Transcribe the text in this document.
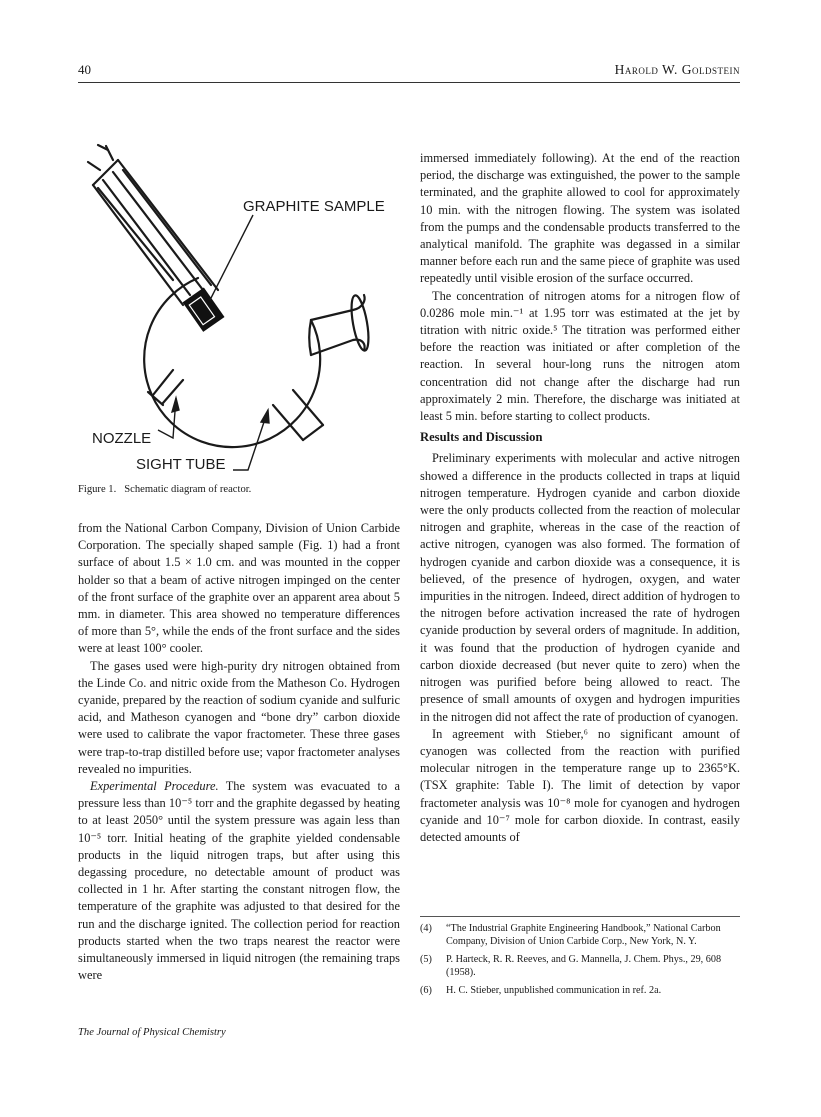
40	Harold W. Goldstein
GRAPHITE SAMPLE
NOZZLE
SIGHT TUBE
Figure 1. Schematic diagram of reactor.

from the National Carbon Company, Division of Union Carbide Corporation. The specially shaped sample (Fig. 1) had a front surface of about 1.5 × 1.0 cm. and was mounted in the copper holder so that a beam of active nitrogen impinged on the center of the front surface of the graphite over an apparent area about 5 mm. in diameter. This area showed no temperature differences of more than 5°, while the ends of the front surface and the sides were at least 100° cooler.

The gases used were high-purity dry nitrogen obtained from the Linde Co. and nitric oxide from the Matheson Co. Hydrogen cyanide, prepared by the reaction of sodium cyanide and sulfuric acid, and Matheson cyanogen and “bone dry” carbon dioxide were used to calibrate the vapor fractometer. These three gases were trap-to-trap distilled before use; vapor fractometer analyses revealed no impurities.

Experimental Procedure. The system was evacuated to a pressure less than 10⁻⁵ torr and the graphite degassed by heating to at least 2050° until the system pressure was again less than 10⁻⁵ torr. Initial heating of the graphite yielded condensable products in the liquid nitrogen traps, but after using this degassing procedure, no detectable amount of product was collected in 1 hr. After starting the constant nitrogen flow, the temperature of the graphite was adjusted to that desired for the run and the discharge ignited. The collection period for reaction products started when the two traps nearest the reactor were simultaneously immersed in liquid nitrogen (the remaining traps were

immersed immediately following). At the end of the reaction period, the discharge was extinguished, the power to the sample terminated, and the graphite allowed to cool for approximately 10 min. with the nitrogen flowing. The system was isolated from the pumps and the condensable products transferred to the analytical manifold. The graphite was degassed in a similar manner before each run and the same piece of graphite was used repeatedly until visible erosion of the surface occurred.

The concentration of nitrogen atoms for a nitrogen flow of 0.0286 mole min.⁻¹ at 1.95 torr was estimated at the jet by titration with nitric oxide.⁵ The titration was performed either before the reaction was initiated or after completion of the reaction. In several hour-long runs the nitrogen atom concentration did not change after the discharge had run approximately 2 min. Therefore, the discharge was initiated at least 5 min. before starting to collect products.

Results and Discussion

Preliminary experiments with molecular and active nitrogen showed a difference in the products collected in traps at liquid nitrogen temperature. Hydrogen cyanide and carbon dioxide were the only products collected from the reaction of molecular nitrogen and graphite, whereas in the case of the reaction of active nitrogen, cyanogen was also formed. The formation of hydrogen cyanide and carbon dioxide was a consequence, it is believed, of the presence of hydrogen, oxygen, and water impurities in the nitrogen. Indeed, direct addition of hydrogen to the nitrogen before activation increased the rate of hydrogen cyanide production by several orders of magnitude. In addition, it was found that the production of hydrogen cyanide and carbon dioxide decreased (but never quite to zero) when the nitrogen was purified before being allowed to react. The presence of small amounts of oxygen and hydrogen impurities in the nitrogen did not affect the rate of production of cyanogen.

In agreement with Stieber,⁶ no significant amount of cyanogen was collected from the reaction with purified molecular nitrogen in the temperature range up to 2365°K. (TSX graphite: Table I). The limit of detection by vapor fractometer analysis was 10⁻⁸ mole for cyanogen and hydrogen cyanide and 10⁻⁷ mole for carbon dioxide. In contrast, easily detected amounts of

(4)	“The Industrial Graphite Engineering Handbook,” National Carbon Company, Division of Union Carbide Corp., New York, N. Y.
(5)	P. Harteck, R. R. Reeves, and G. Mannella, J. Chem. Phys., 29, 608 (1958).
(6)	H. C. Stieber, unpublished communication in ref. 2a.
The Journal of Physical Chemistry
